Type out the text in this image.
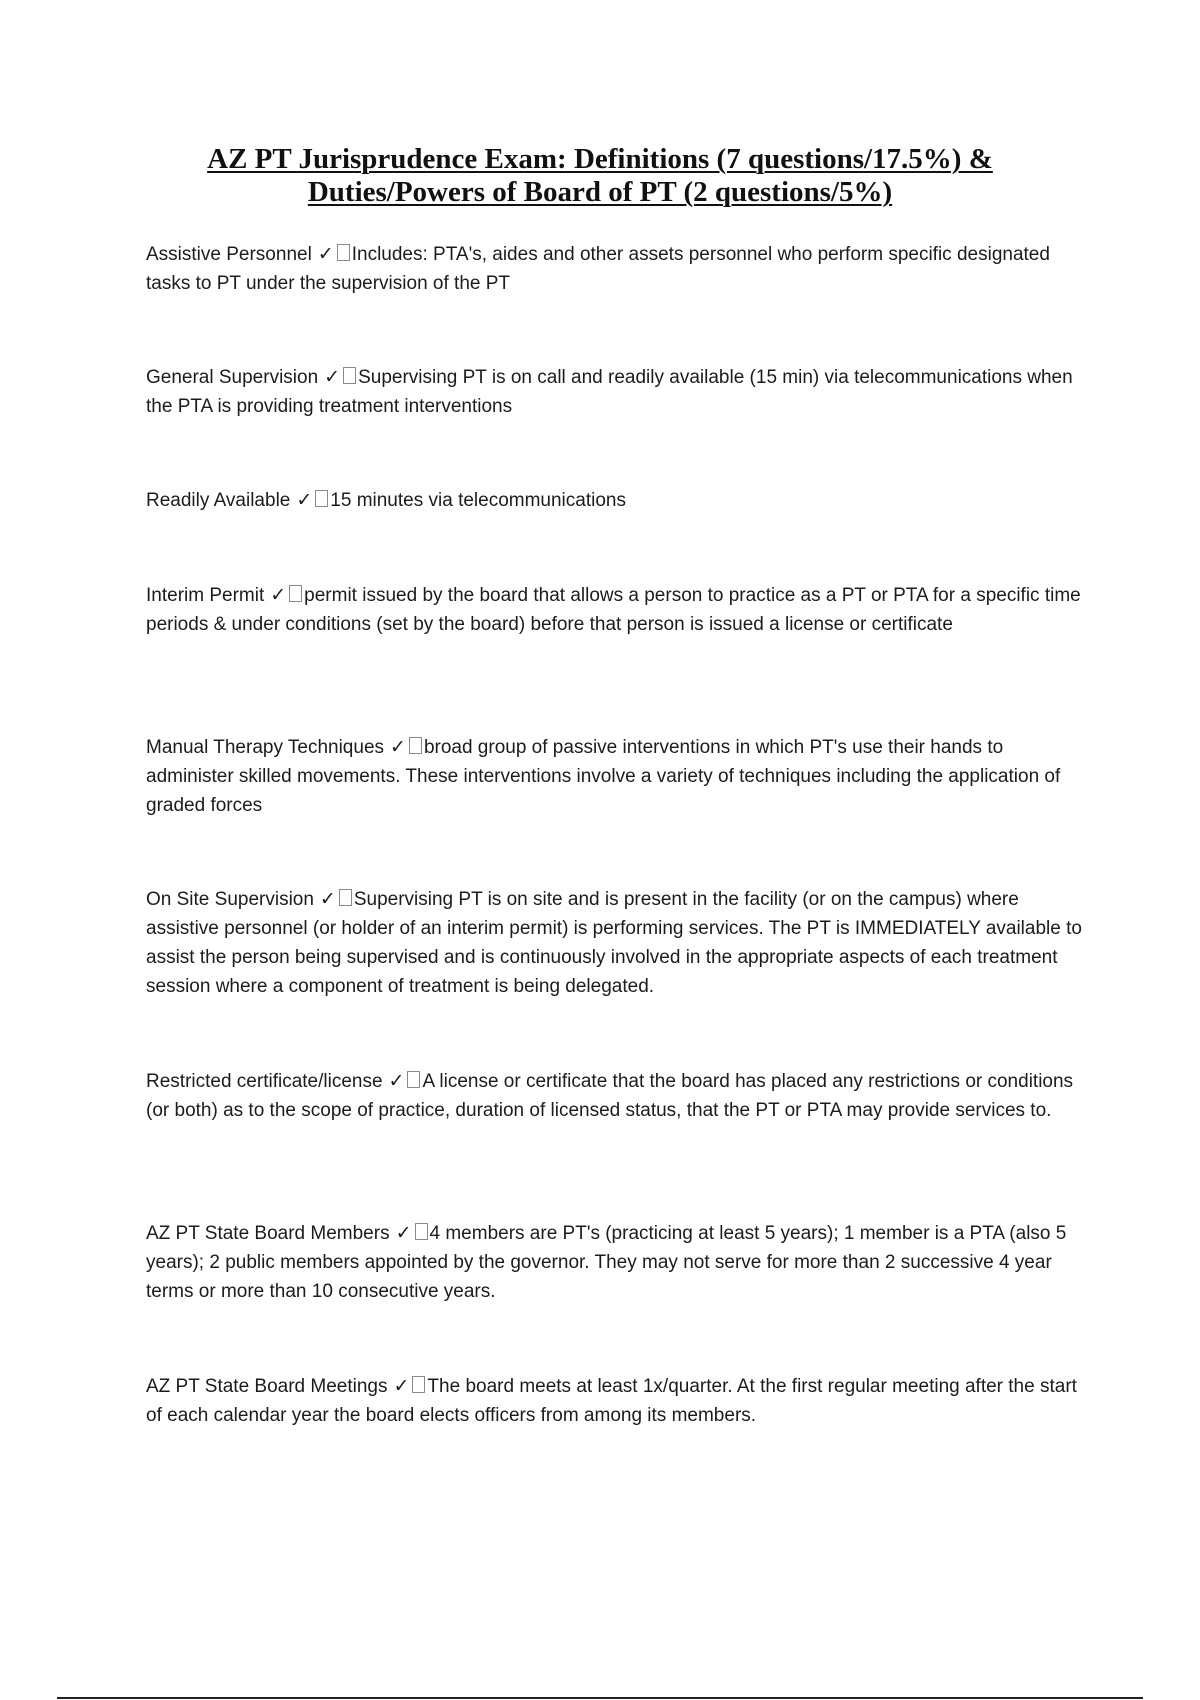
AZ PT Jurisprudence Exam: Definitions (7 questions/17.5%) &
Duties/Powers of Board of PT (2 questions/5%)
Assistive Personnel ✓ Includes: PTA's, aides and other assets personnel who perform specific designated tasks to PT under the supervision of the PT
General Supervision ✓ Supervising PT is on call and readily available (15 min) via telecommunications when the PTA is providing treatment interventions
Readily Available ✓ 15 minutes via telecommunications
Interim Permit ✓ permit issued by the board that allows a person to practice as a PT or PTA for a specific time periods & under conditions (set by the board) before that person is issued a license or certificate
Manual Therapy Techniques ✓ broad group of passive interventions in which PT's use their hands to administer skilled movements. These interventions involve a variety of techniques including the application of graded forces
On Site Supervision ✓ Supervising PT is on site and is present in the facility (or on the campus) where assistive personnel (or holder of an interim permit) is performing services. The PT is IMMEDIATELY available to assist the person being supervised and is continuously involved in the appropriate aspects of each treatment session where a component of treatment is being delegated.
Restricted certificate/license ✓ A license or certificate that the board has placed any restrictions or conditions (or both) as to the scope of practice, duration of licensed status, that the PT or PTA may provide services to.
AZ PT State Board Members ✓ 4 members are PT's (practicing at least 5 years); 1 member is a PTA (also 5 years); 2 public members appointed by the governor. They may not serve for more than 2 successive 4 year terms or more than 10 consecutive years.
AZ PT State Board Meetings ✓ The board meets at least 1x/quarter. At the first regular meeting after the start of each calendar year the board elects officers from among its members.
